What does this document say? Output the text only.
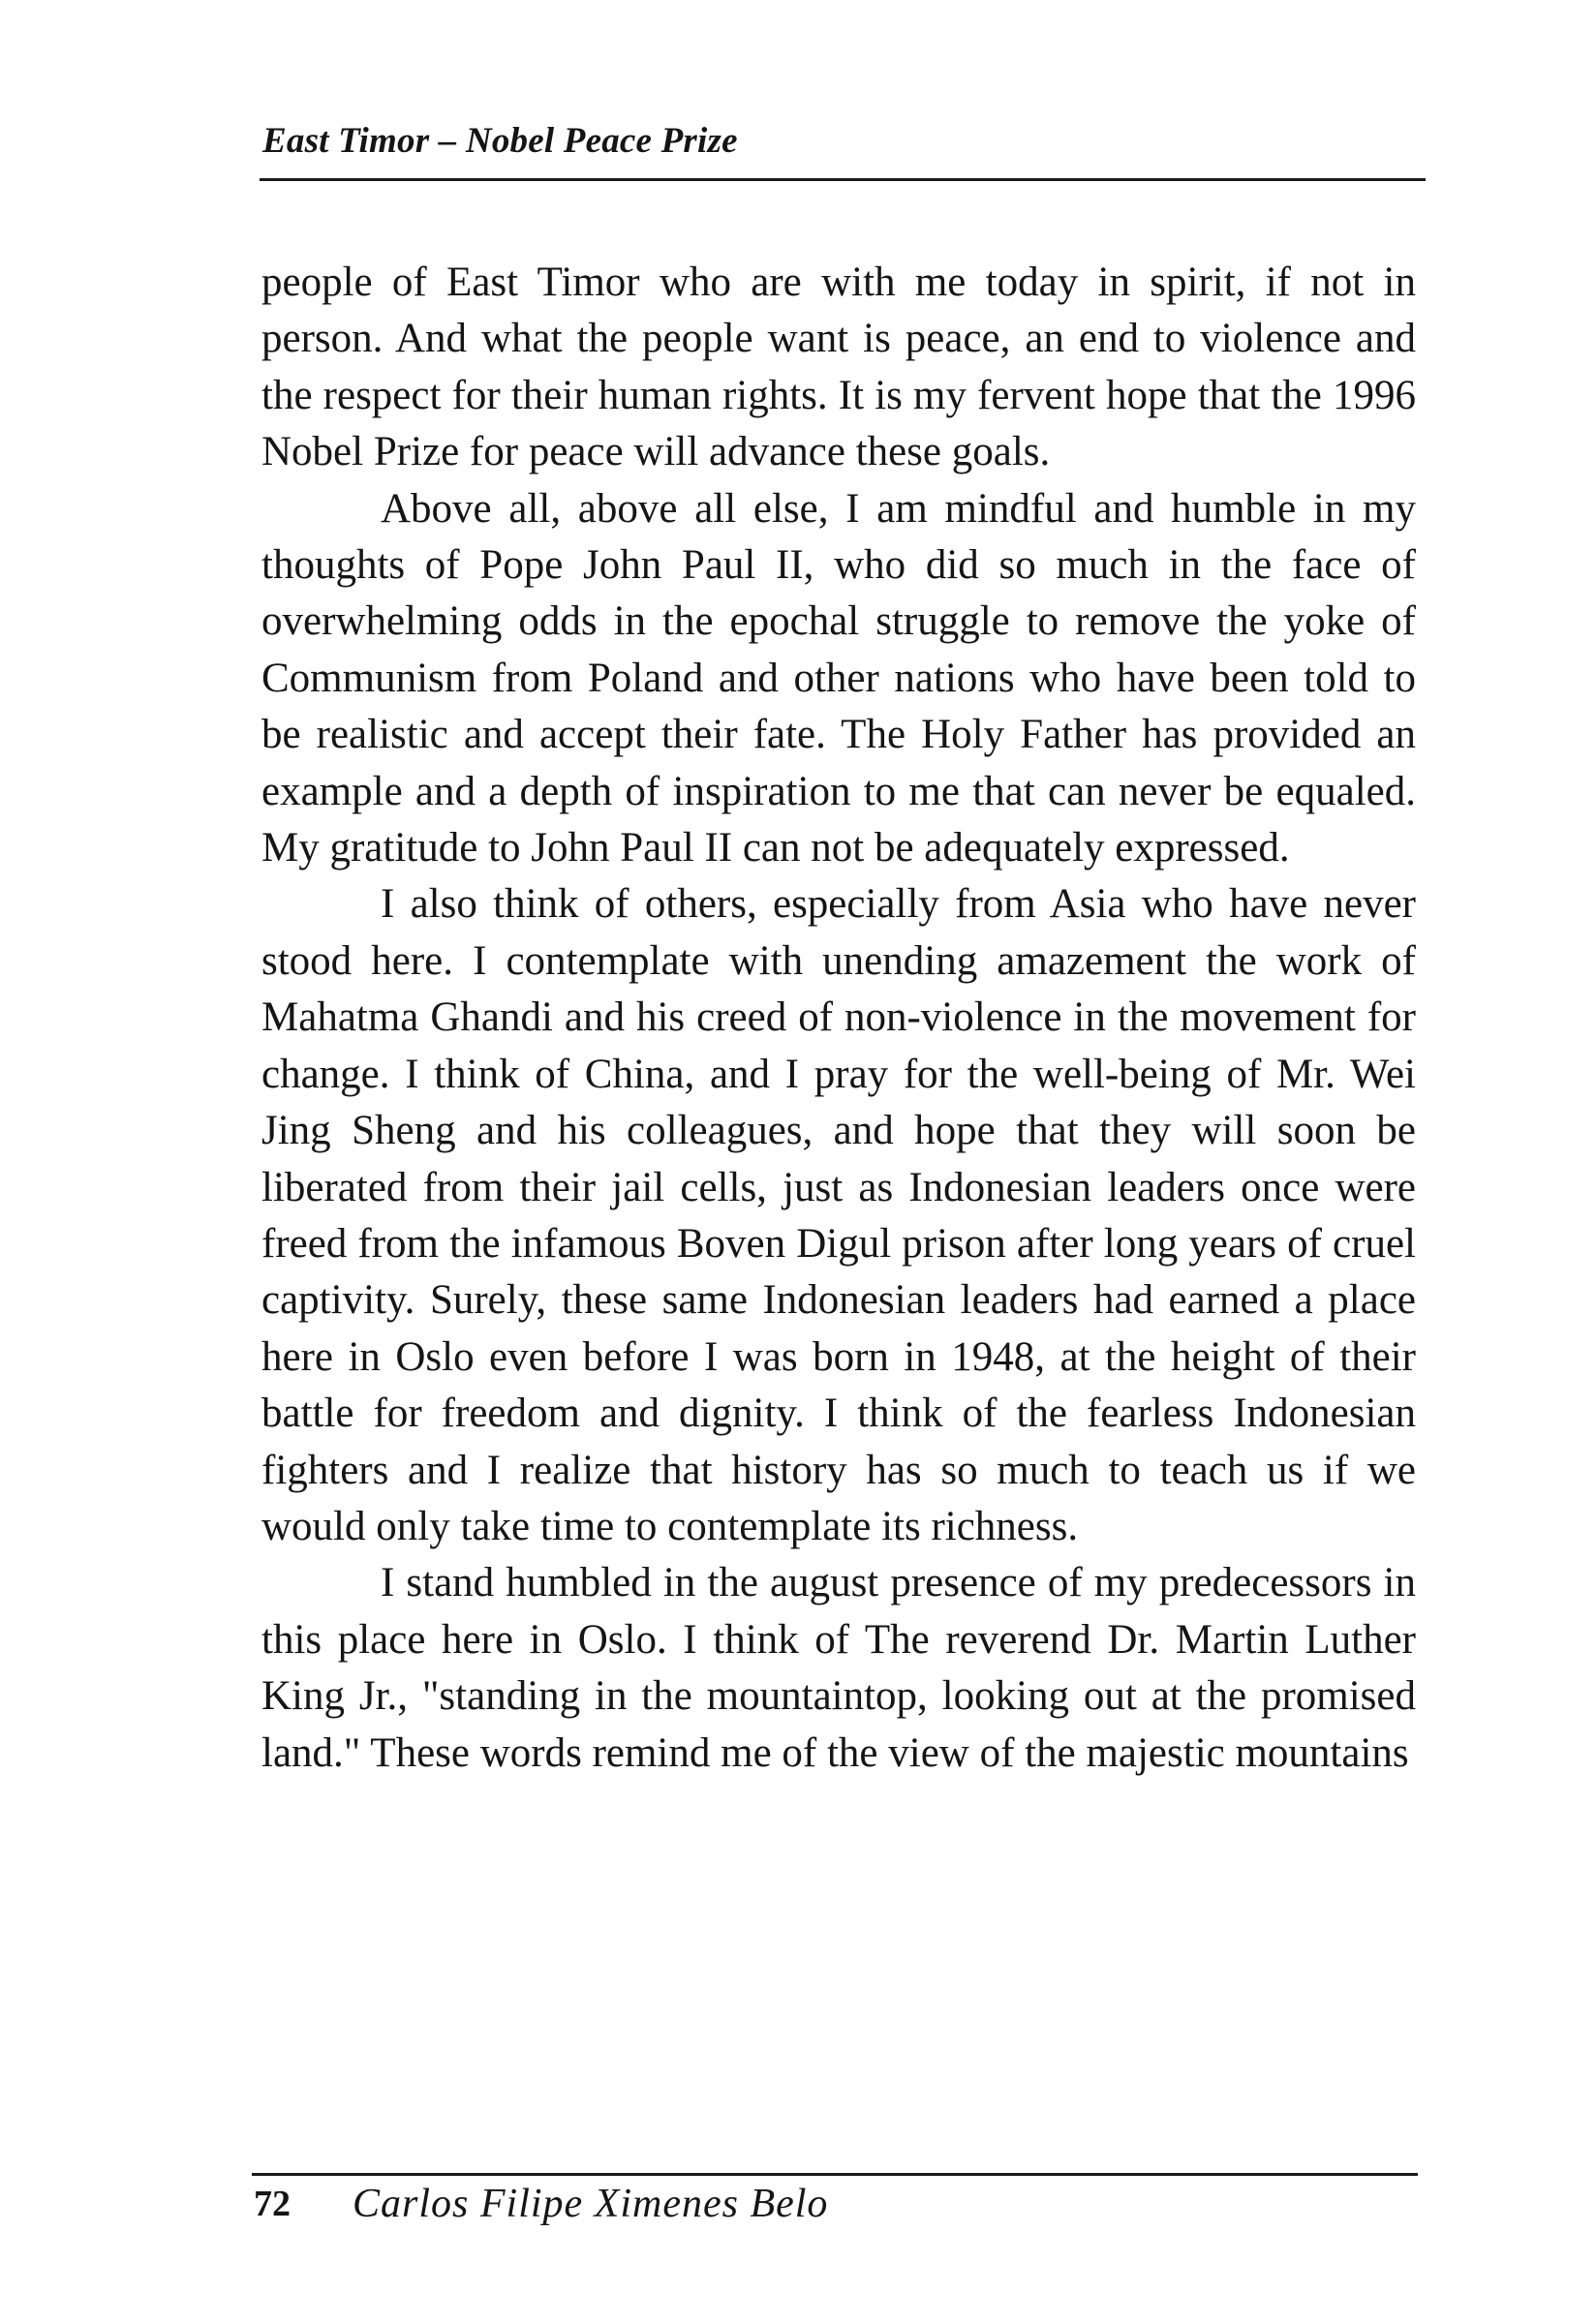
East Timor – Nobel Peace Prize

people of East Timor who are with me today in spirit, if not in person. And what the people want is peace, an end to violence and the respect for their human rights. It is my fervent hope that the 1996 Nobel Prize for peace will advance these goals.

Above all, above all else, I am mindful and humble in my thoughts of Pope John Paul II, who did so much in the face of overwhelming odds in the epochal struggle to remove the yoke of Communism from Poland and other nations who have been told to be realistic and accept their fate. The Holy Father has provided an example and a depth of inspiration to me that can never be equaled. My gratitude to John Paul II can not be adequately expressed.

I also think of others, especially from Asia who have never stood here. I contemplate with unending amazement the work of Mahatma Ghandi and his creed of non-violence in the movement for change. I think of China, and I pray for the well-being of Mr. Wei Jing Sheng and his colleagues, and hope that they will soon be liberated from their jail cells, just as Indonesian leaders once were freed from the infamous Boven Digul prison after long years of cruel captivity. Surely, these same Indonesian leaders had earned a place here in Oslo even before I was born in 1948, at the height of their battle for freedom and dignity. I think of the fearless Indonesian fighters and I realize that history has so much to teach us if we would only take time to contemplate its richness.

I stand humbled in the august presence of my predecessors in this place here in Oslo. I think of The reverend Dr. Martin Luther King Jr., "standing in the mountaintop, looking out at the promised land." These words remind me of the view of the majestic mountains

72 Carlos Filipe Ximenes Belo
